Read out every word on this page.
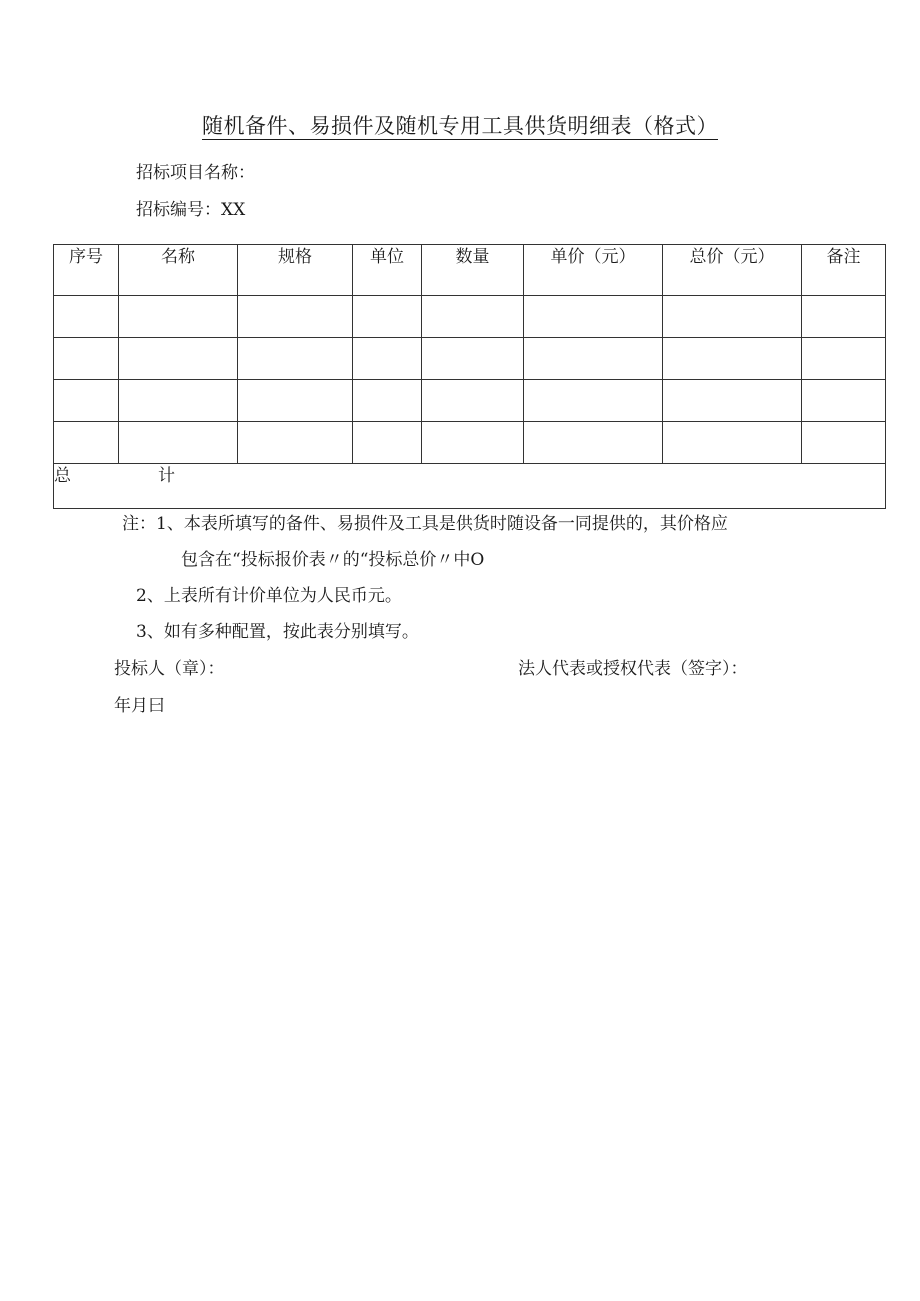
随机备件、易损件及随机专用工具供货明细表（格式）
招标项目名称：
招标编号：XX
序号	名称	规格	单位	数量	单价（元）	总价（元）	备注

总 计							
注：1、本表所填写的备件、易损件及工具是供货时随设备一同提供的，其价格应
包含在“投标报价表〃的“投标总价〃中O
2、上表所有计价单位为人民币元。
3、如有多种配置，按此表分别填写。
投标人（章）：	法人代表或授权代表（签字）：
年月曰
